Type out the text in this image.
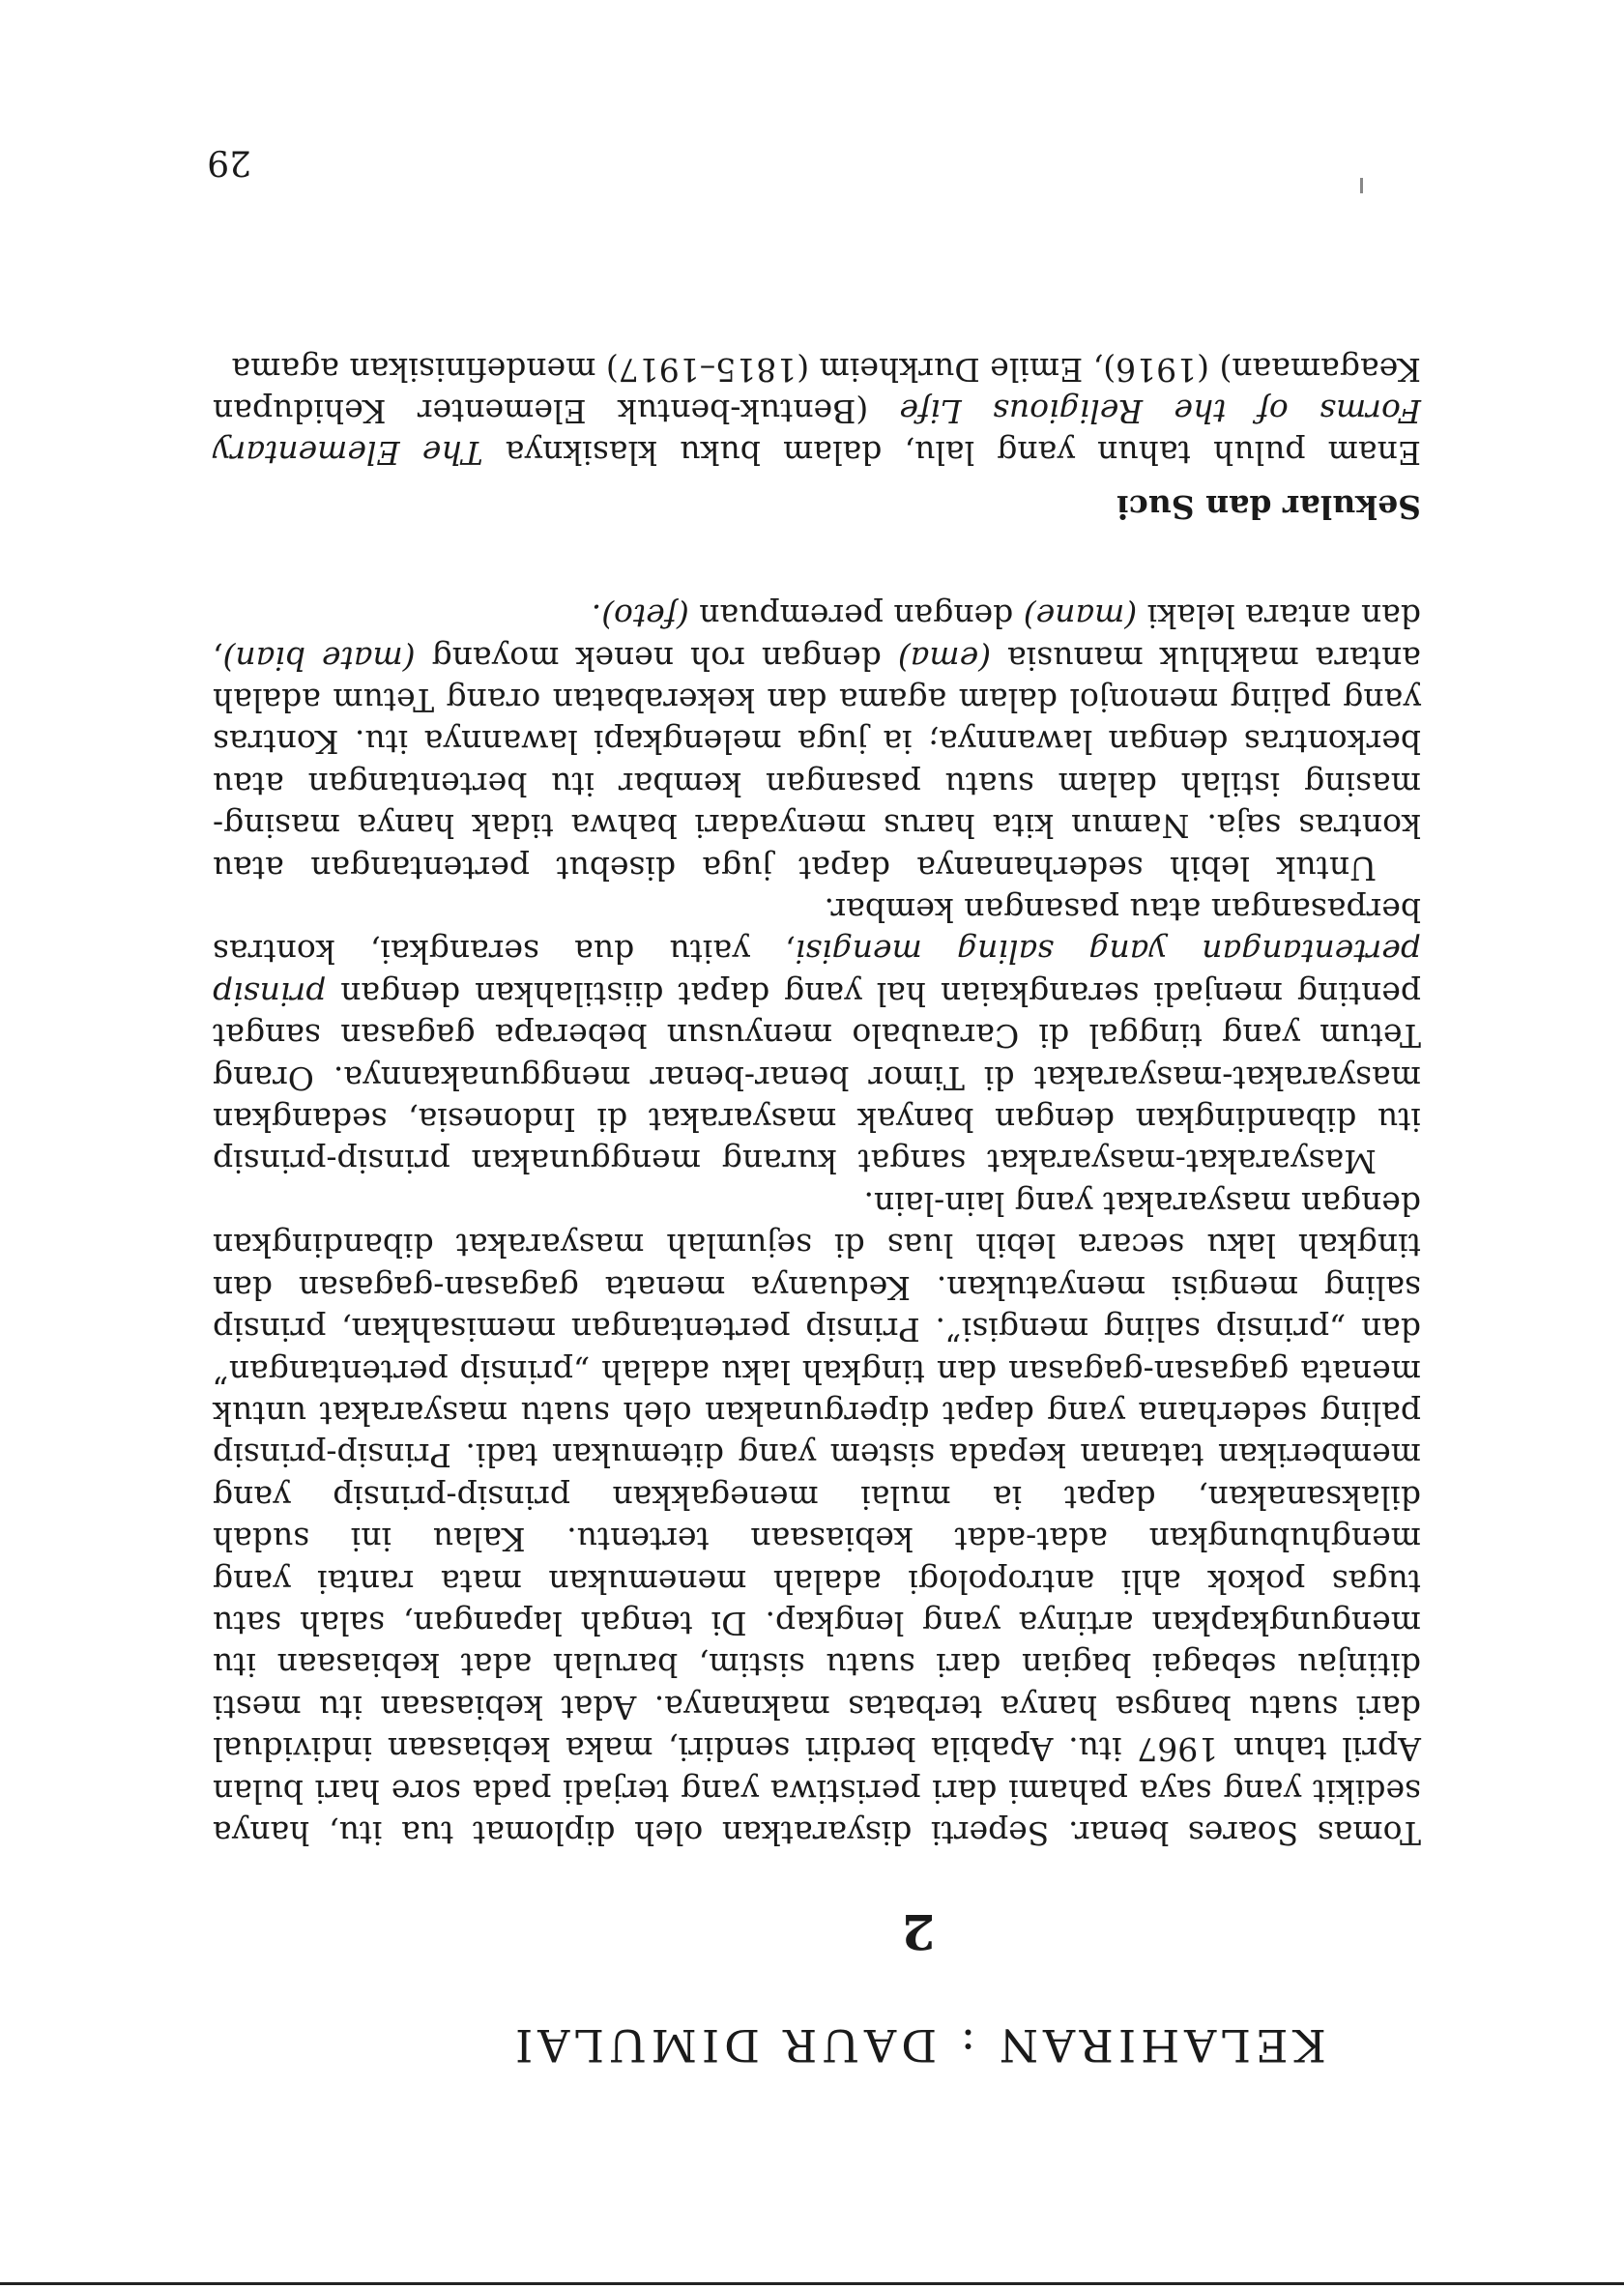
KELAHIRAN : DAUR DIMULAI
2

Tomas Soares benar. Seperti disyaratkan oleh diplomat tua itu, hanya sedikit yang saya pahami dari peristiwa yang terjadi pada sore hari bulan April tahun 1967 itu. Apabila berdiri sendiri, maka kebiasaan individual dari suatu bangsa hanya terbatas maknanya. Adat kebiasaan itu mesti ditinjau sebagai bagian dari suatu sistim, barulah adat kebiasaan itu mengungkapkan artinya yang lengkap. Di tengah lapangan, salah satu tugas pokok ahli antropologi adalah menemukan mata rantai yang menghubungkan adat-adat kebiasaan tertentu. Kalau ini sudah dilaksanakan, dapat ia mulai menegakkan prinsip-prinsip yang memberikan tatanan kepada sistem yang ditemukan tadi. Prinsip-prinsip paling sederhana yang dapat dipergunakan oleh suatu masyarakat untuk menata gagasan-gagasan dan tingkah laku adalah „prinsip pertentangan” dan „prinsip saling mengisi”. Prinsip pertentangan memisahkan, prinsip saling mengisi menyatukan. Keduanya menata gagasan-gagasan dan tingkah laku secara lebih luas di sejumlah masyarakat dibandingkan dengan masyarakat yang lain-lain.

Masyarakat-masyarakat sangat kurang menggunakan prinsip-prinsip itu dibandingkan dengan banyak masyarakat di Indonesia, sedangkan masyarakat-masyarakat di Timor benar-benar menggunakannya. Orang Tetum yang tinggal di Caraubalo menyusun beberapa gagasan sangat penting menjadi serangkaian hal yang dapat diistilahkan dengan prinsip pertentangan yang saling mengisi, yaitu dua serangkai, kontras berpasangan atau pasangan kembar.

Untuk lebih sederhananya dapat juga disebut pertentangan atau kontras saja. Namun kita harus menyadari bahwa tidak hanya masing-masing istilah dalam suatu pasangan kembar itu bertentangan atau berkontras dengan lawannya; ia juga melengkapi lawannya itu. Kontras yang paling menonjol dalam agama dan kekerabatan orang Tetum adalah antara makhluk manusia (ema) dengan roh nenek moyang (mate bian), dan antara lelaki (mane) dengan perempuan (feto).

Sekular dan Suci

Enam puluh tahun yang lalu, dalam buku klasiknya The Elementary Forms of the Religious Life (Bentuk-bentuk Elementer Kehidupan Keagamaan) (1916), Emile Durkheim (1815–1917) mendefinisikan agama

29
